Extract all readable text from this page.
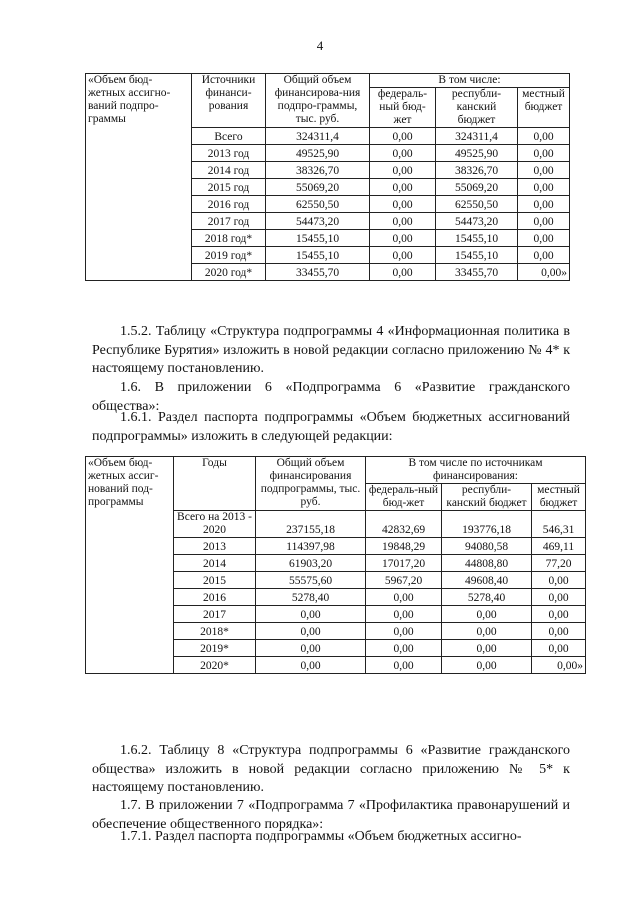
4
«Объем бюд-жетных ассигно-ваний подпро-граммы	Источники финанси-рования	Общий объем финансирова-ния подпро-граммы, тыс. руб.	В том числе:		
			федераль-ный бюд-жет	республи-канский бюджет	местный бюджет
	Всего	324311,4	0,00	324311,4	0,00
	2013 год	49525,90	0,00	49525,90	0,00
	2014 год	38326,70	0,00	38326,70	0,00
	2015 год	55069,20	0,00	55069,20	0,00
	2016 год	62550,50	0,00	62550,50	0,00
	2017 год	54473,20	0,00	54473,20	0,00
	2018 год*	15455,10	0,00	15455,10	0,00
	2019 год*	15455,10	0,00	15455,10	0,00
	2020 год*	33455,70	0,00	33455,70	0,00»
1.5.2. Таблицу «Структура подпрограммы 4 «Информационная политика в Республике Бурятия» изложить в новой редакции согласно приложению № 4* к настоящему постановлению.
1.6. В приложении 6 «Подпрограмма 6 «Развитие гражданского общества»:
1.6.1. Раздел паспорта подпрограммы «Объем бюджетных ассигнований подпрограммы» изложить в следующей редакции:
«Объем бюд-жетных ассиг-нований под-программы	Годы	Общий объем финансирования подпрограммы, тыс. руб.	В том числе по источникам финансирования:		
			федераль-ный бюд-жет	республи-канский бюджет	местный бюджет
	Всего на 2013 - 2020	237155,18	42832,69	193776,18	546,31
	2013	114397,98	19848,29	94080,58	469,11
	2014	61903,20	17017,20	44808,80	77,20
	2015	55575,60	5967,20	49608,40	0,00
	2016	5278,40	0,00	5278,40	0,00
	2017	0,00	0,00	0,00	0,00
	2018*	0,00	0,00	0,00	0,00
	2019*	0,00	0,00	0,00	0,00
	2020*	0,00	0,00	0,00	0,00»
1.6.2. Таблицу 8 «Структура подпрограммы 6 «Развитие гражданского общества» изложить в новой редакции согласно приложению № 5* к настоящему постановлению.
1.7. В приложении 7 «Подпрограмма 7 «Профилактика правонарушений и обеспечение общественного порядка»:
1.7.1. Раздел паспорта подпрограммы «Объем бюджетных ассигно-
